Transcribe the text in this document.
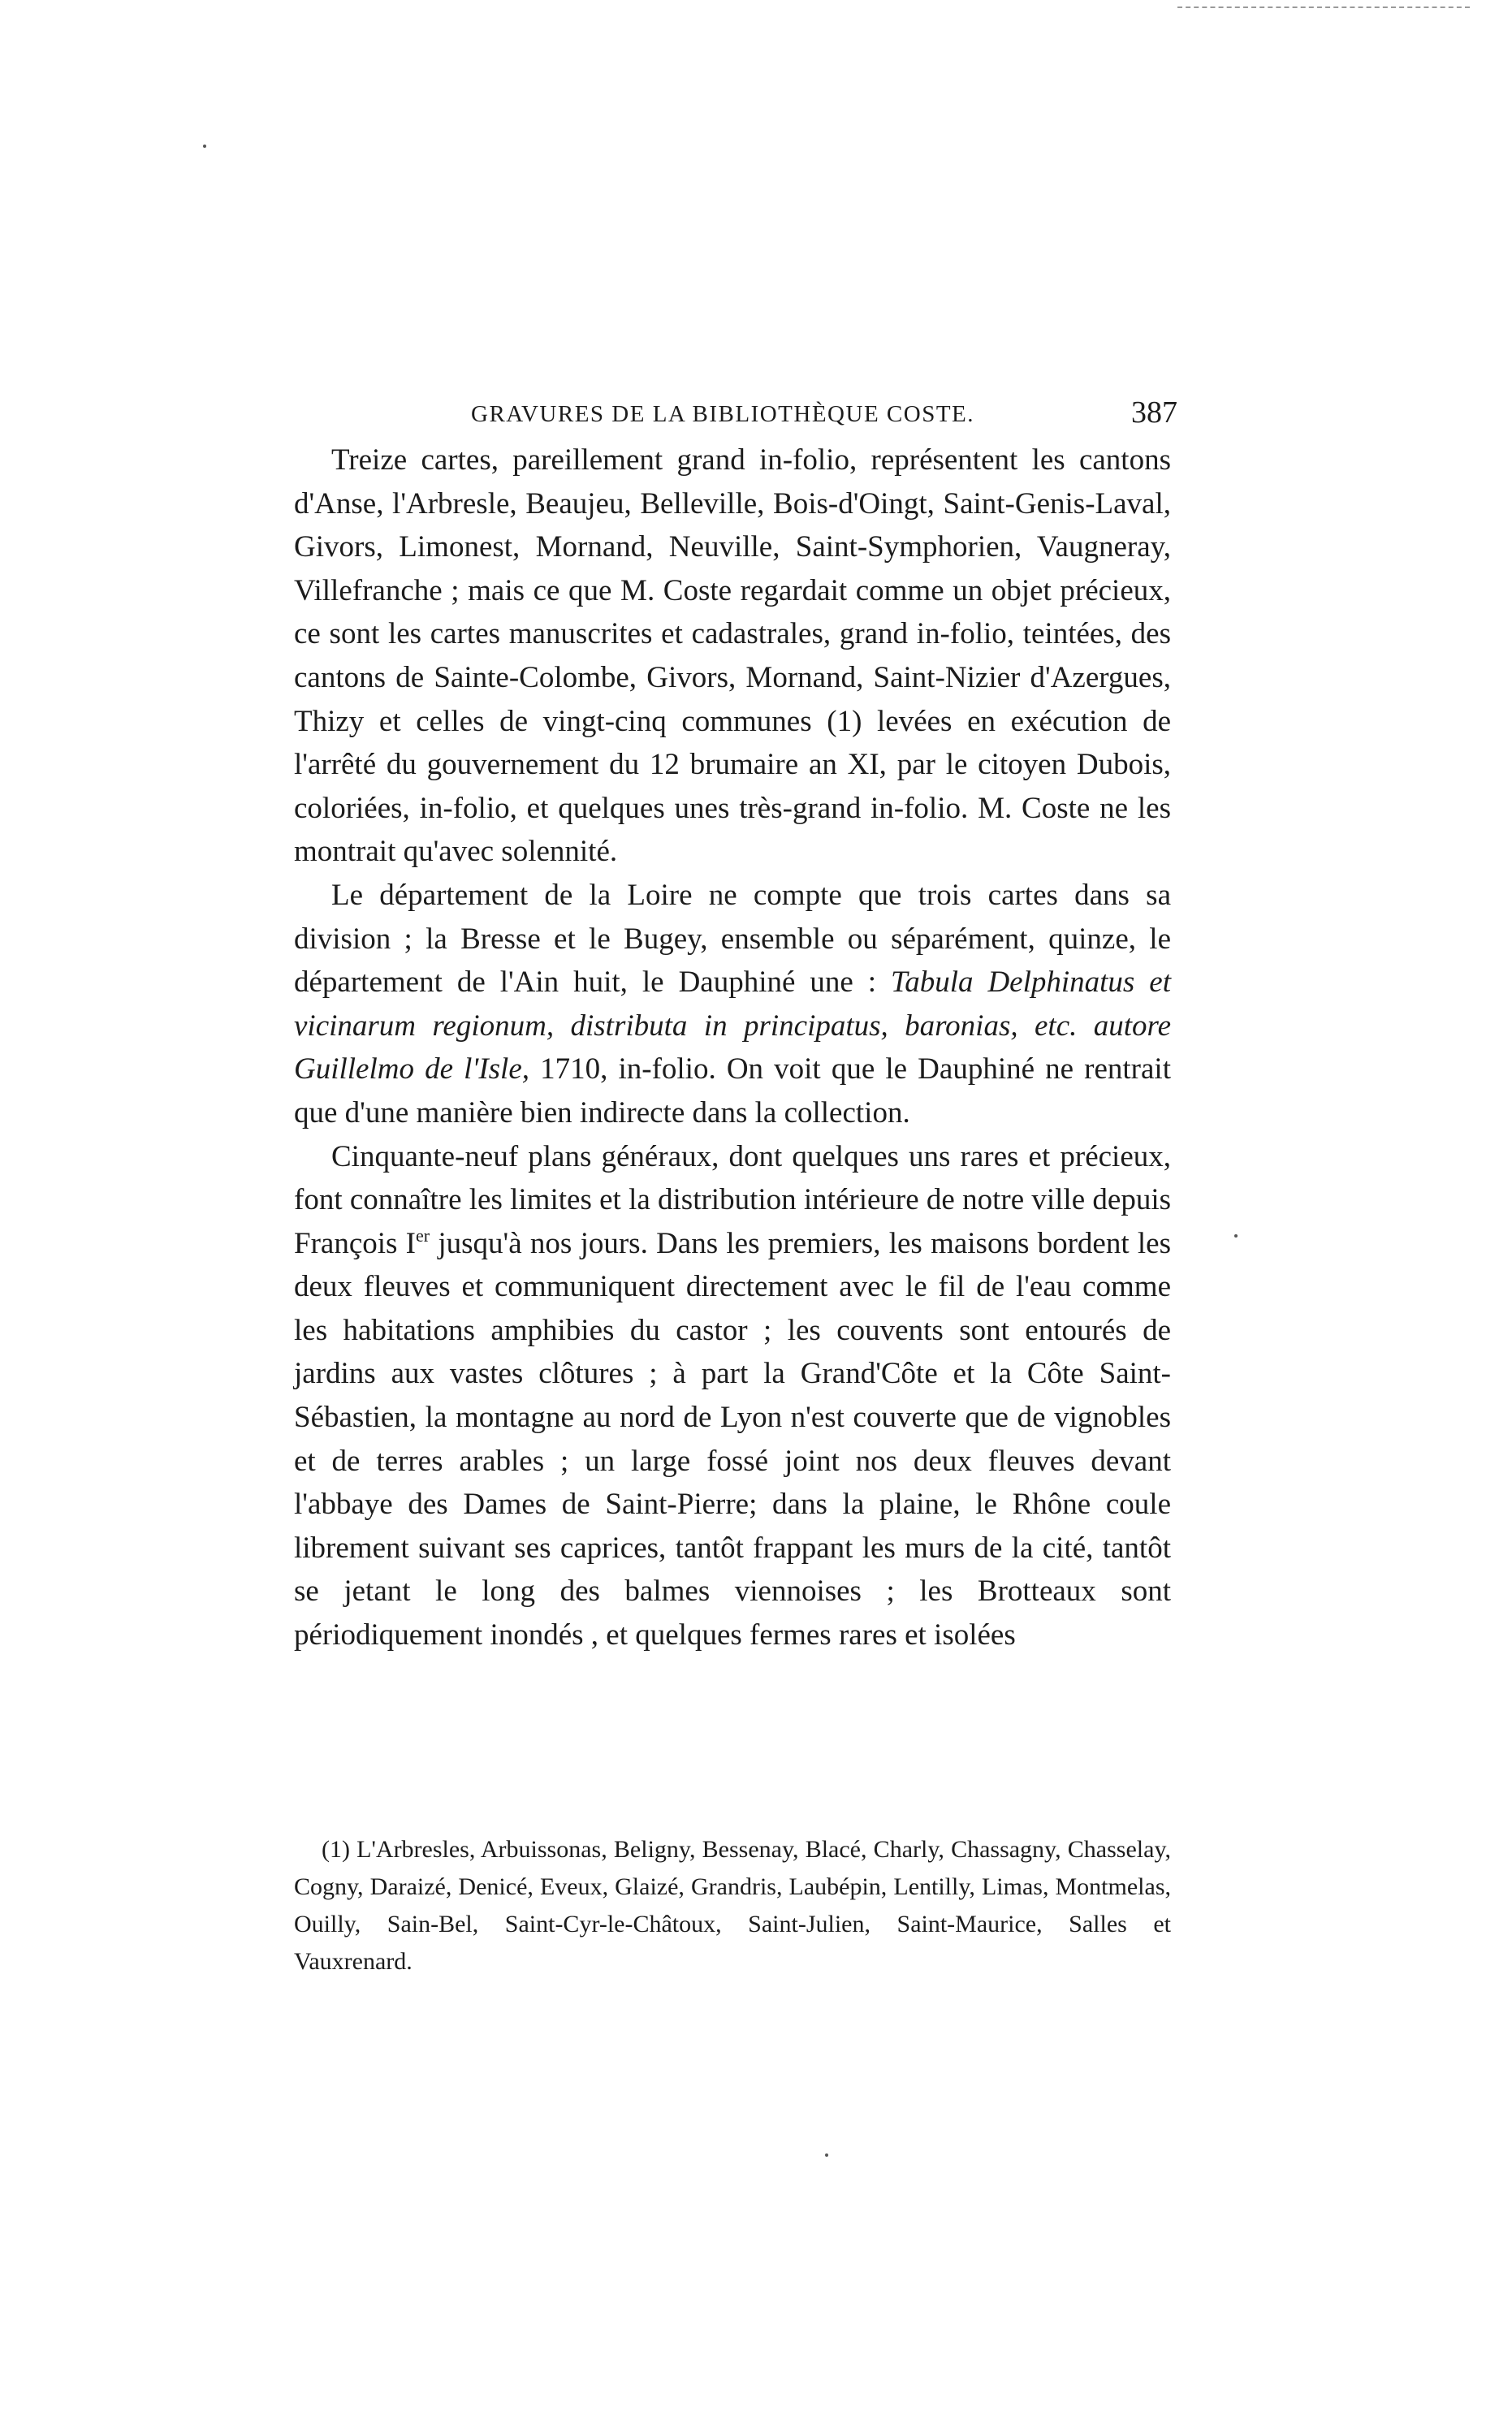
GRAVURES DE LA BIBLIOTHÈQUE COSTE.	387

Treize cartes, pareillement grand in-folio, représentent les cantons d'Anse, l'Arbresle, Beaujeu, Belleville, Bois-d'Oingt, Saint-Genis-Laval, Givors, Limonest, Mornand, Neuville, Saint-Symphorien, Vaugneray, Villefranche ; mais ce que M. Coste regardait comme un objet précieux, ce sont les cartes manuscrites et cadastrales, grand in-folio, teintées, des cantons de Sainte-Colombe, Givors, Mornand, Saint-Nizier d'Azergues, Thizy et celles de vingt-cinq communes (1) levées en exécution de l'arrêté du gouvernement du 12 brumaire an XI, par le citoyen Dubois, coloriées, in-folio, et quelques unes très-grand in-folio. M. Coste ne les montrait qu'avec solennité.

Le département de la Loire ne compte que trois cartes dans sa division ; la Bresse et le Bugey, ensemble ou séparément, quinze, le département de l'Ain huit, le Dauphiné une : Tabula Delphinatus et vicinarum regionum, distributa in principatus, baronias, etc. autore Guillelmo de l'Isle, 1710, in-folio. On voit que le Dauphiné ne rentrait que d'une manière bien indirecte dans la collection.

Cinquante-neuf plans généraux, dont quelques uns rares et précieux, font connaître les limites et la distribution intérieure de notre ville depuis François Ier jusqu'à nos jours. Dans les premiers, les maisons bordent les deux fleuves et communiquent directement avec le fil de l'eau comme les habitations amphibies du castor ; les couvents sont entourés de jardins aux vastes clôtures ; à part la Grand'Côte et la Côte Saint-Sébastien, la montagne au nord de Lyon n'est couverte que de vignobles et de terres arables ; un large fossé joint nos deux fleuves devant l'abbaye des Dames de Saint-Pierre; dans la plaine, le Rhône coule librement suivant ses caprices, tantôt frappant les murs de la cité, tantôt se jetant le long des balmes viennoises ; les Brotteaux sont périodiquement inondés , et quelques fermes rares et isolées

(1) L'Arbresles, Arbuissonas, Beligny, Bessenay, Blacé, Charly, Chassagny, Chasselay, Cogny, Daraizé, Denicé, Eveux, Glaizé, Grandris, Laubépin, Lentilly, Limas, Montmelas, Ouilly, Sain-Bel, Saint-Cyr-le-Châtoux, Saint-Julien, Saint-Maurice, Salles et Vauxrenard.
